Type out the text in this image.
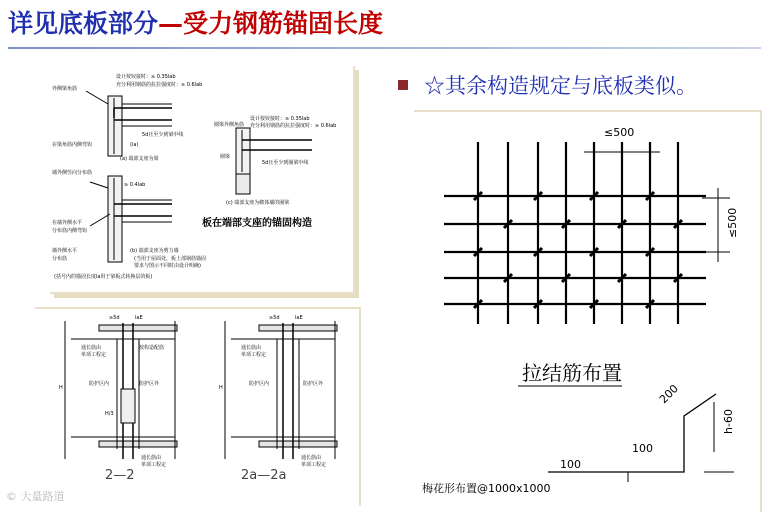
详见底板部分—受力钢筋锚固长度
☆其余构造规定与底板类似。
设计按铰接时：≥ 0.35lab
充分利用钢筋的抗拉强度时：≥ 0.6lab
外侧梁角筋
在梁角筋内侧弯钩
5d且至少到梁中线
(la)
(a) 端部支座为梁
墙外侧竖向分布筋
≥ 0.4lab
在墙外侧水平
分布筋内侧弯钩
墙外侧水平
分布筋
(b) 端部支座为剪力墙
(当用于屋面处，板上部钢筋锚固
要求与图示不同时由设计明确)
圈梁外侧角筋
圈梁
设计按铰接时：≥ 0.35lab
充分利用钢筋的抗拉强度时：≥ 0.6lab
5d且至少到圈梁中线
(c) 端部支座为砌体墙的圈梁
(括号内的锚固长度la用于梁板式转换层的板)
板在端部支座的锚固构造
≥5d	laE
通长筋由
单项工程定
按构造配筋
防护区内	防护区外
H/3
H
通长筋由
单项工程定
≥5d	laE
通长筋由
单项工程定
防护区内	防护区外
H
通长筋由
单项工程定
2—2	2a—2a
© 大量路道
≤500
≤500
200
h-60
100
100
梅花形布置@1000x1000
拉结筋布置
